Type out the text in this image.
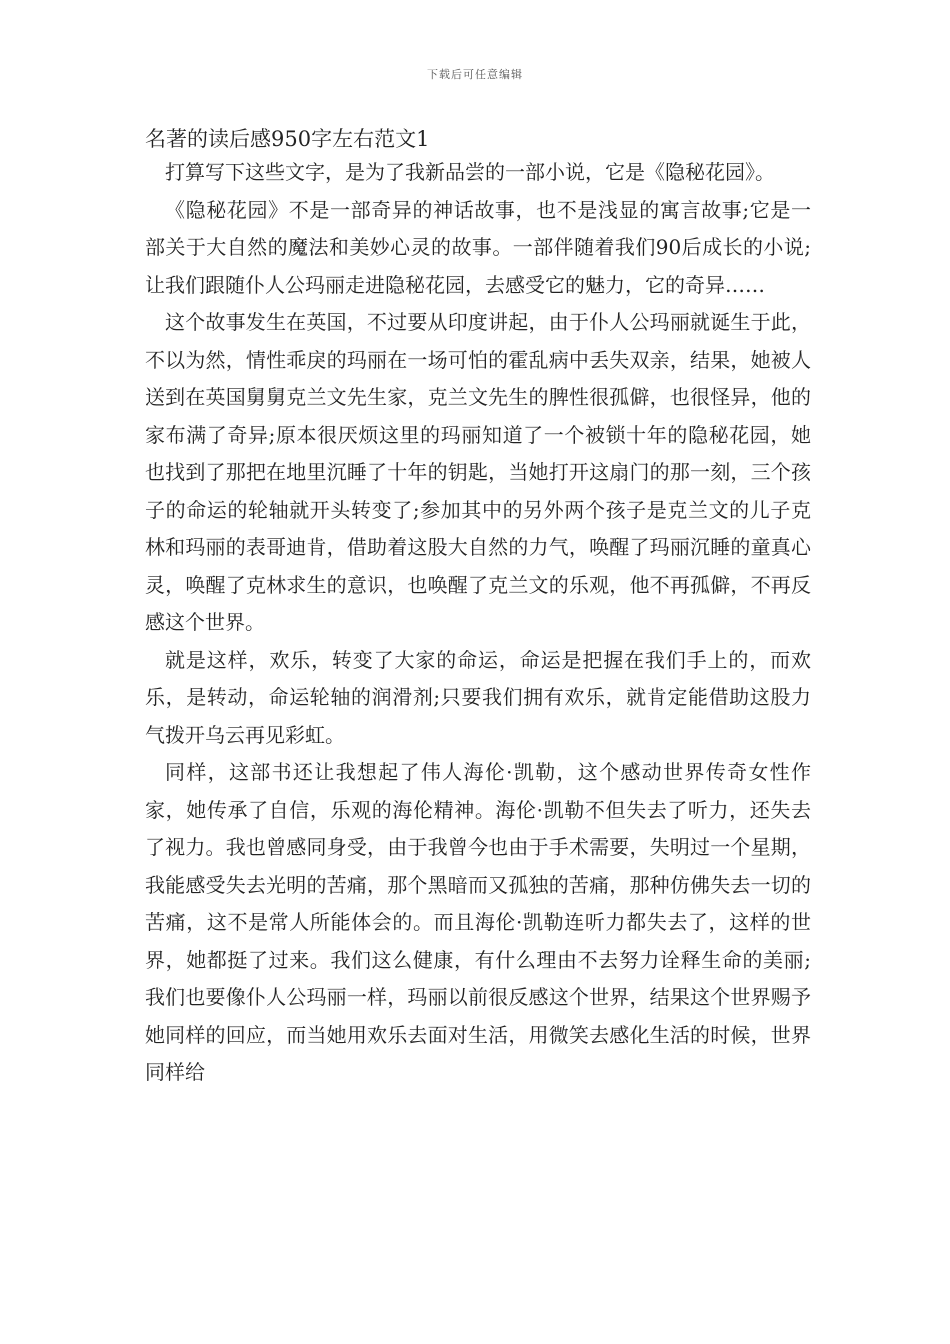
下载后可任意编辑
名著的读后感950字左右范文1

打算写下这些文字，是为了我新品尝的一部小说，它是《隐秘花园》。

《隐秘花园》不是一部奇异的神话故事，也不是浅显的寓言故事;它是一部关于大自然的魔法和美妙心灵的故事。一部伴随着我们90后成长的小说;让我们跟随仆人公玛丽走进隐秘花园，去感受它的魅力，它的奇异……

这个故事发生在英国，不过要从印度讲起，由于仆人公玛丽就诞生于此，不以为然，情性乖戾的玛丽在一场可怕的霍乱病中丢失双亲，结果，她被人送到在英国舅舅克兰文先生家，克兰文先生的脾性很孤僻，也很怪异，他的家布满了奇异;原本很厌烦这里的玛丽知道了一个被锁十年的隐秘花园，她也找到了那把在地里沉睡了十年的钥匙，当她打开这扇门的那一刻，三个孩子的命运的轮轴就开头转变了;参加其中的另外两个孩子是克兰文的儿子克林和玛丽的表哥迪肯，借助着这股大自然的力气，唤醒了玛丽沉睡的童真心灵，唤醒了克林求生的意识，也唤醒了克兰文的乐观，他不再孤僻，不再反感这个世界。

就是这样，欢乐，转变了大家的命运，命运是把握在我们手上的，而欢乐，是转动，命运轮轴的润滑剂;只要我们拥有欢乐，就肯定能借助这股力气拨开乌云再见彩虹。

同样，这部书还让我想起了伟人海伦·凯勒，这个感动世界传奇女性作家，她传承了自信，乐观的海伦精神。海伦·凯勒不但失去了听力，还失去了视力。我也曾感同身受，由于我曾今也由于手术需要，失明过一个星期，我能感受失去光明的苦痛，那个黑暗而又孤独的苦痛，那种仿佛失去一切的苦痛，这不是常人所能体会的。而且海伦·凯勒连听力都失去了，这样的世界，她都挺了过来。我们这么健康，有什么理由不去努力诠释生命的美丽;我们也要像仆人公玛丽一样，玛丽以前很反感这个世界，结果这个世界赐予她同样的回应，而当她用欢乐去面对生活，用微笑去感化生活的时候，世界同样给
